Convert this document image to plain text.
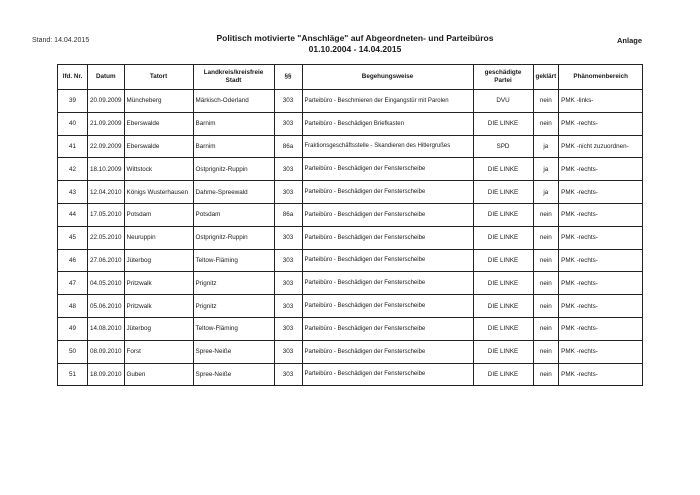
Stand: 14.04.2015	Politisch motivierte "Anschläge" auf Abgeordneten- und Parteibüros
01.10.2004 - 14.04.2015
Anlage
lfd. Nr.	Datum	Tatort	Landkreis/kreisfreie Stadt	§§	Begehungsweise	geschädigte Partei	geklärt	Phänomenbereich
39	20.09.2009	Müncheberg	Märkisch-Oderland	303	Parteibüro - Beschmieren der Eingangstür mit Parolen	DVU	nein	PMK -links-
40	21.09.2009	Eberswalde	Barnim	303	Parteibüro - Beschädigen Briefkasten	DIE LINKE	nein	PMK -rechts-
41	22.09.2009	Eberswalde	Barnim	86a	Fraktionsgeschäftsstelle - Skandieren des Hitlergrußes	SPD	ja	PMK -nicht zuzuordnen-
42	18.10.2009	Wittstock	Ostprignitz-Ruppin	303	Parteibüro - Beschädigen der Fensterscheibe	DIE LINKE	ja	PMK -rechts-
43	12.04.2010	Königs Wusterhausen	Dahme-Spreewald	303	Parteibüro - Beschädigen der Fensterscheibe	DIE LINKE	ja	PMK -rechts-
44	17.05.2010	Potsdam	Potsdam	86a	Parteibüro - Beschädigen der Fensterscheibe	DIE LINKE	nein	PMK -rechts-
45	22.05.2010	Neuruppin	Ostprignitz-Ruppin	303	Parteibüro - Beschädigen der Fensterscheibe	DIE LINKE	nein	PMK -rechts-
46	27.06.2010	Jüterbog	Teltow-Fläming	303	Parteibüro - Beschädigen der Fensterscheibe	DIE LINKE	nein	PMK -rechts-
47	04.05.2010	Pritzwalk	Prignitz	303	Parteibüro - Beschädigen der Fensterscheibe	DIE LINKE	nein	PMK -rechts-
48	05.06.2010	Pritzwalk	Prignitz	303	Parteibüro - Beschädigen der Fensterscheibe	DIE LINKE	nein	PMK -rechts-
49	14.08.2010	Jüterbog	Teltow-Fläming	303	Parteibüro - Beschädigen der Fensterscheibe	DIE LINKE	nein	PMK -rechts-
50	08.09.2010	Forst	Spree-Neiße	303	Parteibüro - Beschädigen der Fensterscheibe	DIE LINKE	nein	PMK -rechts-
51	18.09.2010	Guben	Spree-Neiße	303	Parteibüro - Beschädigen der Fensterscheibe	DIE LINKE	nein	PMK -rechts-
